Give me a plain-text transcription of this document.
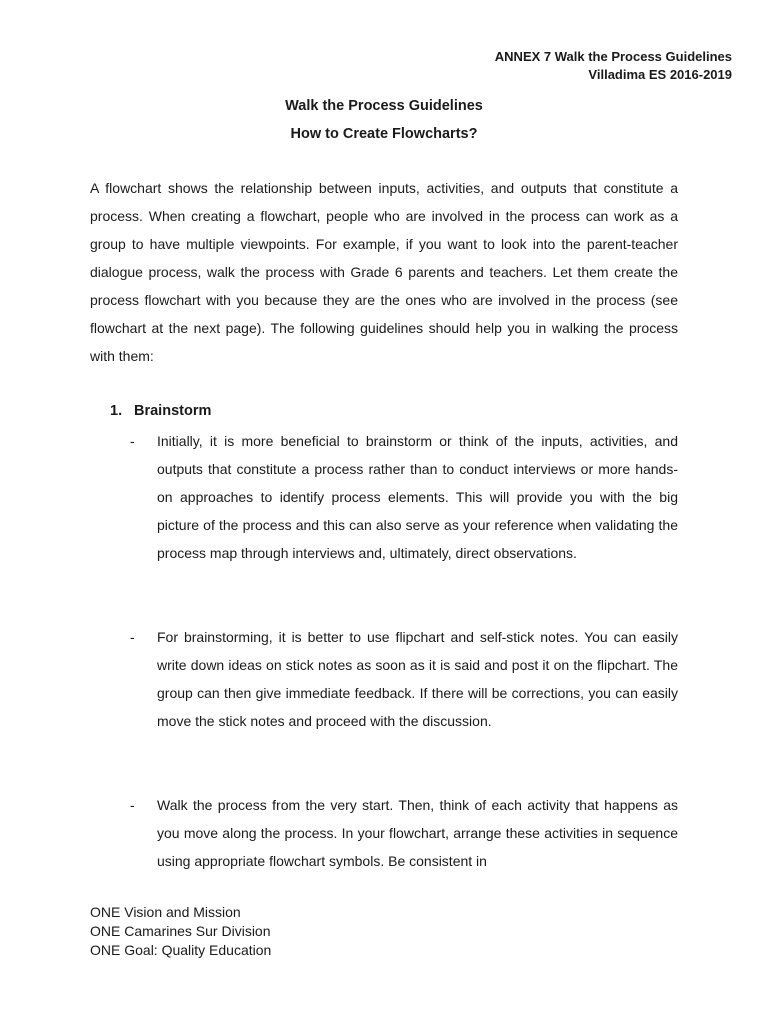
ANNEX 7 Walk the Process Guidelines
Villadima ES 2016-2019
Walk the Process Guidelines
How to Create Flowcharts?

A flowchart shows the relationship between inputs, activities, and outputs that constitute a process. When creating a flowchart, people who are involved in the process can work as a group to have multiple viewpoints. For example, if you want to look into the parent-teacher dialogue process, walk the process with Grade 6 parents and teachers. Let them create the process flowchart with you because they are the ones who are involved in the process (see flowchart at the next page). The following guidelines should help you in walking the process with them:

1. Brainstorm
-	Initially, it is more beneficial to brainstorm or think of the inputs, activities, and outputs that constitute a process rather than to conduct interviews or more hands-on approaches to identify process elements. This will provide you with the big picture of the process and this can also serve as your reference when validating the process map through interviews and, ultimately, direct observations.
-	For brainstorming, it is better to use flipchart and self-stick notes. You can easily write down ideas on stick notes as soon as it is said and post it on the flipchart. The group can then give immediate feedback. If there will be corrections, you can easily move the stick notes and proceed with the discussion.
-	Walk the process from the very start. Then, think of each activity that happens as you move along the process. In your flowchart, arrange these activities in sequence using appropriate flowchart symbols. Be consistent in
ONE Vision and Mission
ONE Camarines Sur Division
ONE Goal: Quality Education
